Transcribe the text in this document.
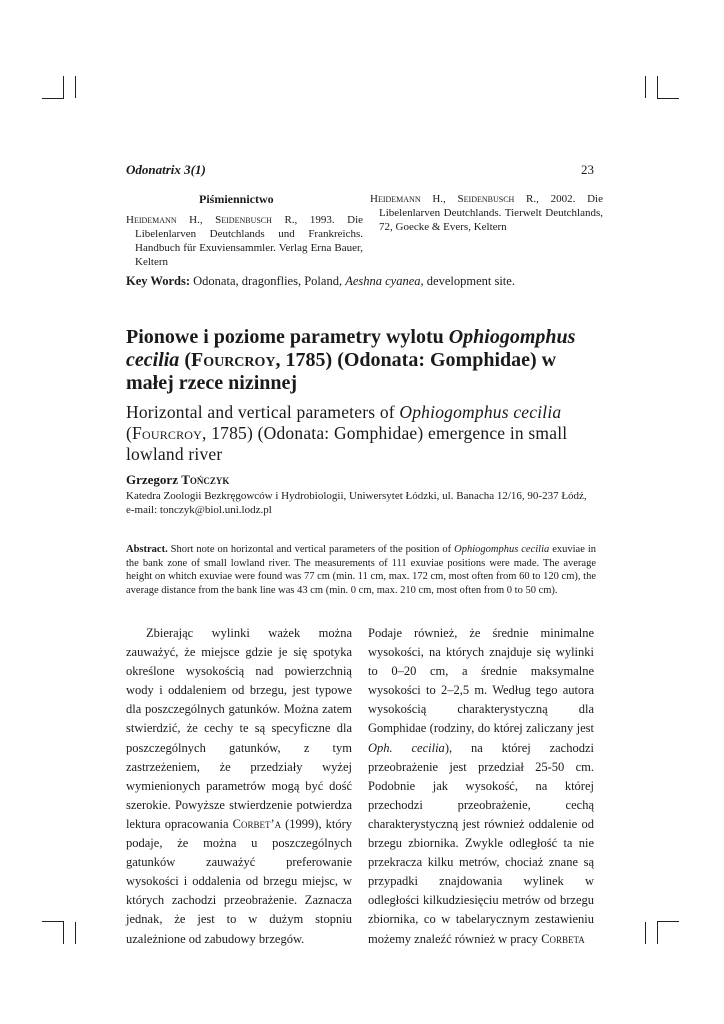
Odonatrix 3(1)	23
Piśmiennictwo
Heidemann H., Seidenbusch R., 1993. Die Libelenlarven Deutchlands und Frankreichs. Handbuch für Exuviensammler. Verlag Erna Bauer, Keltern
Heidemann H., Seidenbusch R., 2002. Die Libelenlarven Deutchlands. Tierwelt Deutchlands, 72, Goecke & Evers, Keltern
Key Words: Odonata, dragonflies, Poland, Aeshna cyanea, development site.
Pionowe i poziome parametry wylotu Ophiogomphus cecilia (Fourcroy, 1785) (Odonata: Gomphidae) w małej rzece nizinnej
Horizontal and vertical parameters of Ophiogomphus cecilia (Fourcroy, 1785) (Odonata: Gomphidae) emergence in small lowland river
Grzegorz Tończyk
Katedra Zoologii Bezkręgowców i Hydrobiologii, Uniwersytet Łódzki, ul. Banacha 12/16, 90-237 Łódź,
e-mail: tonczyk@biol.uni.lodz.pl
Abstract. Short note on horizontal and vertical parameters of the position of Ophiogomphus cecilia exuviae in the bank zone of small lowland river. The measurements of 111 exuviae positions were made. The average height on whitch exuviae were found was 77 cm (min. 11 cm, max. 172 cm, most often from 60 to 120 cm), the average distance from the bank line was 43 cm (min. 0 cm, max. 210 cm, most often from 0 to 50 cm).

Zbierając wylinki ważek można zauważyć, że miejsce gdzie je się spotyka określone wysokością nad powierzchnią wody i oddaleniem od brzegu, jest typowe dla poszczególnych gatunków. Można zatem stwierdzić, że cechy te są specyficzne dla poszczególnych gatunków, z tym zastrzeżeniem, że przedziały wyżej wymienionych parametrów mogą być dość szerokie. Powyższe stwierdzenie potwierdza lektura opracowania Corbet’a (1999), który podaje, że można u poszczególnych gatunków zauważyć preferowanie wysokości i oddalenia od brzegu miejsc, w których zachodzi przeobrażenie. Zaznacza jednak, że jest to w dużym stopniu uzależnione od zabudowy brzegów.

Podaje również, że średnie minimalne wysokości, na których znajduje się wylinki to 0–20 cm, a średnie maksymalne wysokości to 2–2,5 m. Według tego autora wysokością charakterystyczną dla Gomphidae (rodziny, do której zaliczany jest Oph. cecilia), na której zachodzi przeobrażenie jest przedział 25-50 cm. Podobnie jak wysokość, na której przechodzi przeobrażenie, cechą charakterystyczną jest również oddalenie od brzegu zbiornika. Zwykle odległość ta nie przekracza kilku metrów, chociaż znane są przypadki znajdowania wylinek w odległości kilkudziesięciu metrów od brzegu zbiornika, co w tabelarycznym zestawieniu możemy znaleźć również w pracy Corbeta
